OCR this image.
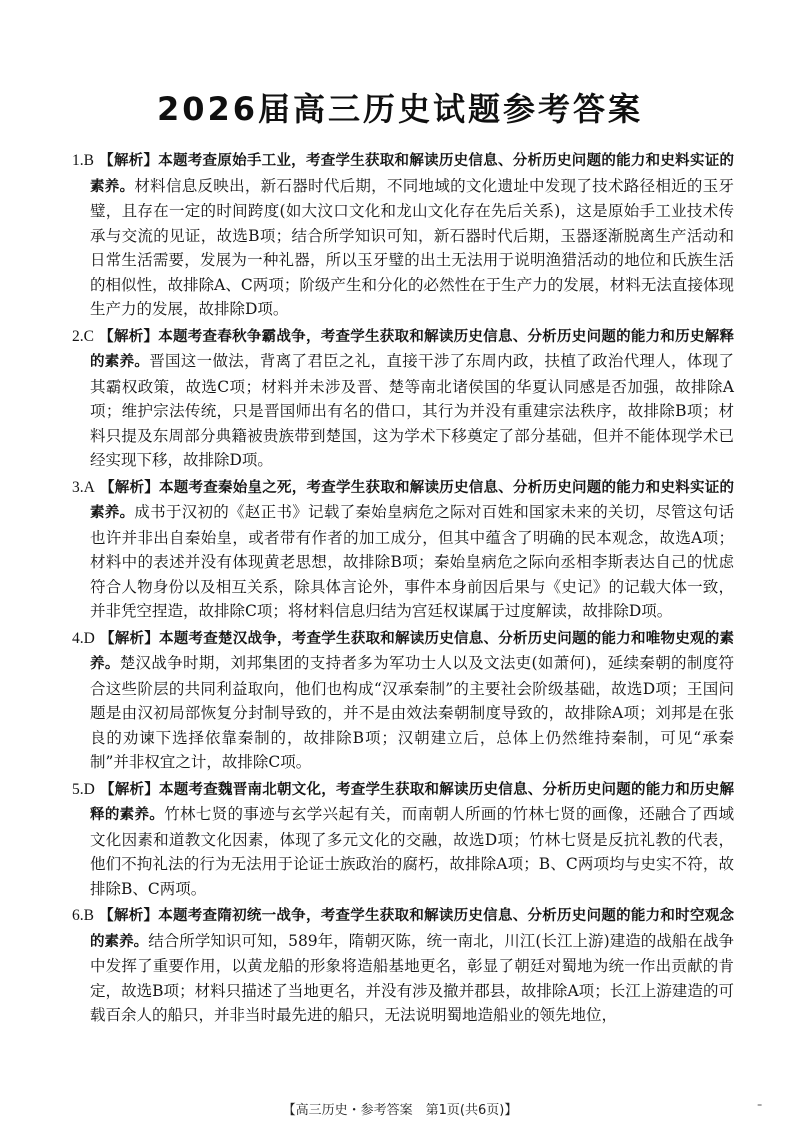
2026届高三历史试题参考答案

1.B 【解析】本题考查原始手工业，考查学生获取和解读历史信息、分析历史问题的能力和史料实证的素养。材料信息反映出，新石器时代后期，不同地域的文化遗址中发现了技术路径相近的玉牙璧，且存在一定的时间跨度(如大汶口文化和龙山文化存在先后关系)，这是原始手工业技术传承与交流的见证，故选B项；结合所学知识可知，新石器时代后期，玉器逐渐脱离生产活动和日常生活需要，发展为一种礼器，所以玉牙璧的出土无法用于说明渔猎活动的地位和氏族生活的相似性，故排除A、C两项；阶级产生和分化的必然性在于生产力的发展，材料无法直接体现生产力的发展，故排除D项。

2.C 【解析】本题考查春秋争霸战争，考查学生获取和解读历史信息、分析历史问题的能力和历史解释的素养。晋国这一做法，背离了君臣之礼，直接干涉了东周内政，扶植了政治代理人，体现了其霸权政策，故选C项；材料并未涉及晋、楚等南北诸侯国的华夏认同感是否加强，故排除A项；维护宗法传统，只是晋国师出有名的借口，其行为并没有重建宗法秩序，故排除B项；材料只提及东周部分典籍被贵族带到楚国，这为学术下移奠定了部分基础，但并不能体现学术已经实现下移，故排除D项。

3.A 【解析】本题考查秦始皇之死，考查学生获取和解读历史信息、分析历史问题的能力和史料实证的素养。成书于汉初的《赵正书》记载了秦始皇病危之际对百姓和国家未来的关切，尽管这句话也许并非出自秦始皇，或者带有作者的加工成分，但其中蕴含了明确的民本观念，故选A项；材料中的表述并没有体现黄老思想，故排除B项；秦始皇病危之际向丞相李斯表达自己的忧虑符合人物身份以及相互关系，除具体言论外，事件本身前因后果与《史记》的记载大体一致，并非凭空捏造，故排除C项；将材料信息归结为宫廷权谋属于过度解读，故排除D项。

4.D 【解析】本题考查楚汉战争，考查学生获取和解读历史信息、分析历史问题的能力和唯物史观的素养。楚汉战争时期，刘邦集团的支持者多为军功士人以及文法吏(如萧何)，延续秦朝的制度符合这些阶层的共同利益取向，他们也构成“汉承秦制”的主要社会阶级基础，故选D项；王国问题是由汉初局部恢复分封制导致的，并不是由效法秦朝制度导致的，故排除A项；刘邦是在张良的劝谏下选择依靠秦制的，故排除B项；汉朝建立后，总体上仍然维持秦制，可见“承秦制”并非权宜之计，故排除C项。

5.D 【解析】本题考查魏晋南北朝文化，考查学生获取和解读历史信息、分析历史问题的能力和历史解释的素养。竹林七贤的事迹与玄学兴起有关，而南朝人所画的竹林七贤的画像，还融合了西域文化因素和道教文化因素，体现了多元文化的交融，故选D项；竹林七贤是反抗礼教的代表，他们不拘礼法的行为无法用于论证士族政治的腐朽，故排除A项；B、C两项均与史实不符，故排除B、C两项。

6.B 【解析】本题考查隋初统一战争，考查学生获取和解读历史信息、分析历史问题的能力和时空观念的素养。结合所学知识可知，589年，隋朝灭陈，统一南北，川江(长江上游)建造的战船在战争中发挥了重要作用，以黄龙船的形象将造船基地更名，彰显了朝廷对蜀地为统一作出贡献的肯定，故选B项；材料只描述了当地更名，并没有涉及撤并郡县，故排除A项；长江上游建造的可载百余人的船只，并非当时最先进的船只，无法说明蜀地造船业的领先地位，

【高三历史・参考答案　第1页(共6页)】	⁼
